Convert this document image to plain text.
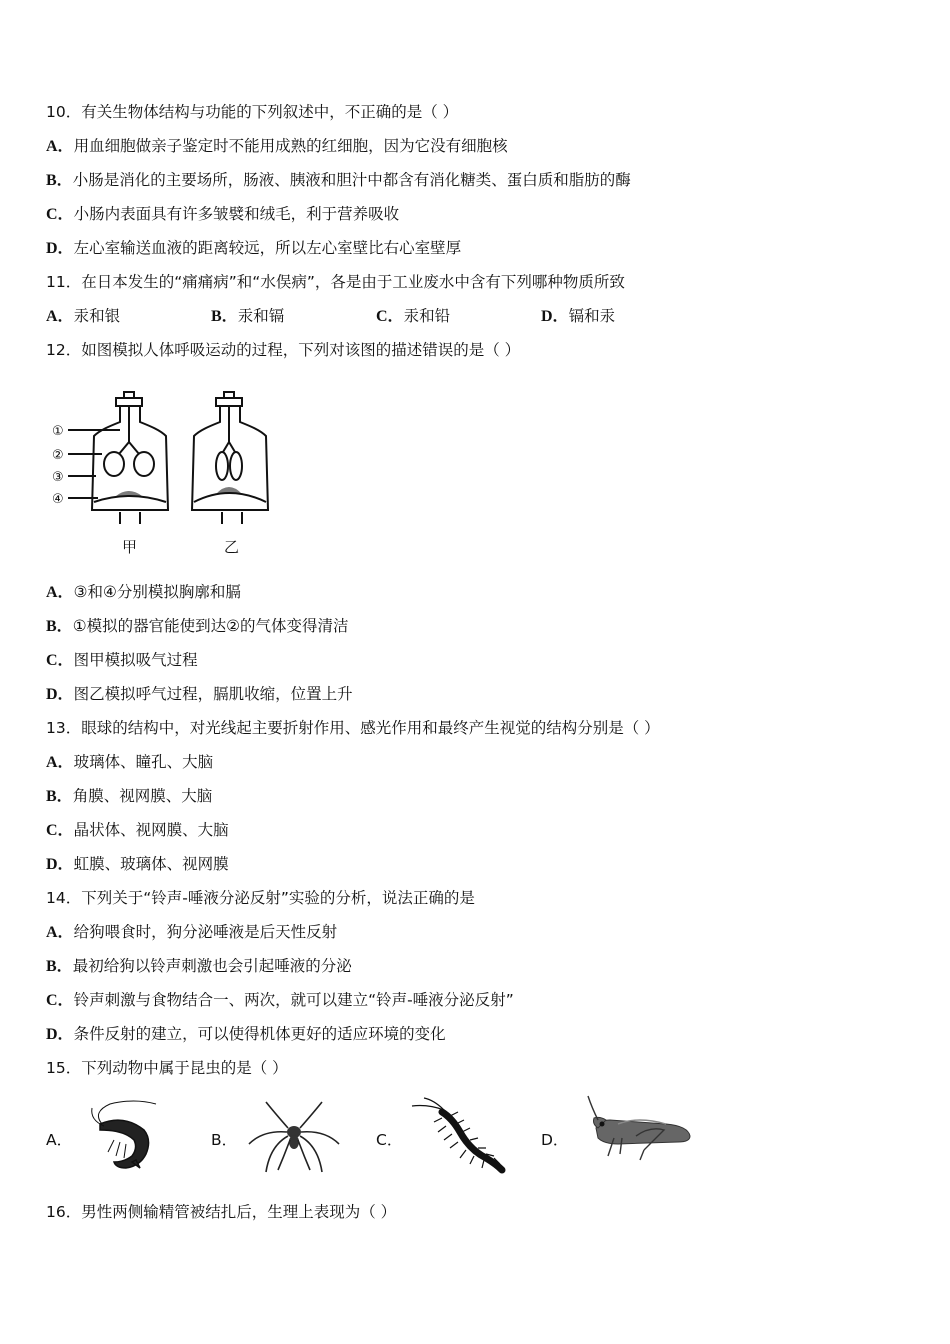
10．有关生物体结构与功能的下列叙述中，不正确的是（ ）
A．用血细胞做亲子鉴定时不能用成熟的红细胞，因为它没有细胞核
B．小肠是消化的主要场所，肠液、胰液和胆汁中都含有消化糖类、蛋白质和脂肪的酶
C．小肠内表面具有许多皱襞和绒毛，利于营养吸收
D．左心室输送血液的距离较远，所以左心室壁比右心室壁厚
11．在日本发生的“痛痛病”和“水俣病”，各是由于工业废水中含有下列哪种物质所致
A．汞和银	B．汞和镉	C．汞和铅	D．镉和汞
12．如图模拟人体呼吸运动的过程，下列对该图的描述错误的是（ ）
①
②
③
④
甲	乙
A．③和④分别模拟胸廓和膈
B．①模拟的器官能使到达②的气体变得清洁
C．图甲模拟吸气过程
D．图乙模拟呼气过程，膈肌收缩，位置上升
13．眼球的结构中，对光线起主要折射作用、感光作用和最终产生视觉的结构分别是（ ）
A．玻璃体、瞳孔、大脑
B．角膜、视网膜、大脑
C．晶状体、视网膜、大脑
D．虹膜、玻璃体、视网膜
14．下列关于“铃声-唾液分泌反射”实验的分析，说法正确的是
A．给狗喂食时，狗分泌唾液是后天性反射
B．最初给狗以铃声刺激也会引起唾液的分泌
C．铃声刺激与食物结合一、两次，就可以建立“铃声-唾液分泌反射”
D．条件反射的建立，可以使得机体更好的适应环境的变化
15．下列动物中属于昆虫的是（ ）
A．	B．	C．	D．
16．男性两侧输精管被结扎后，生理上表现为（ ）
